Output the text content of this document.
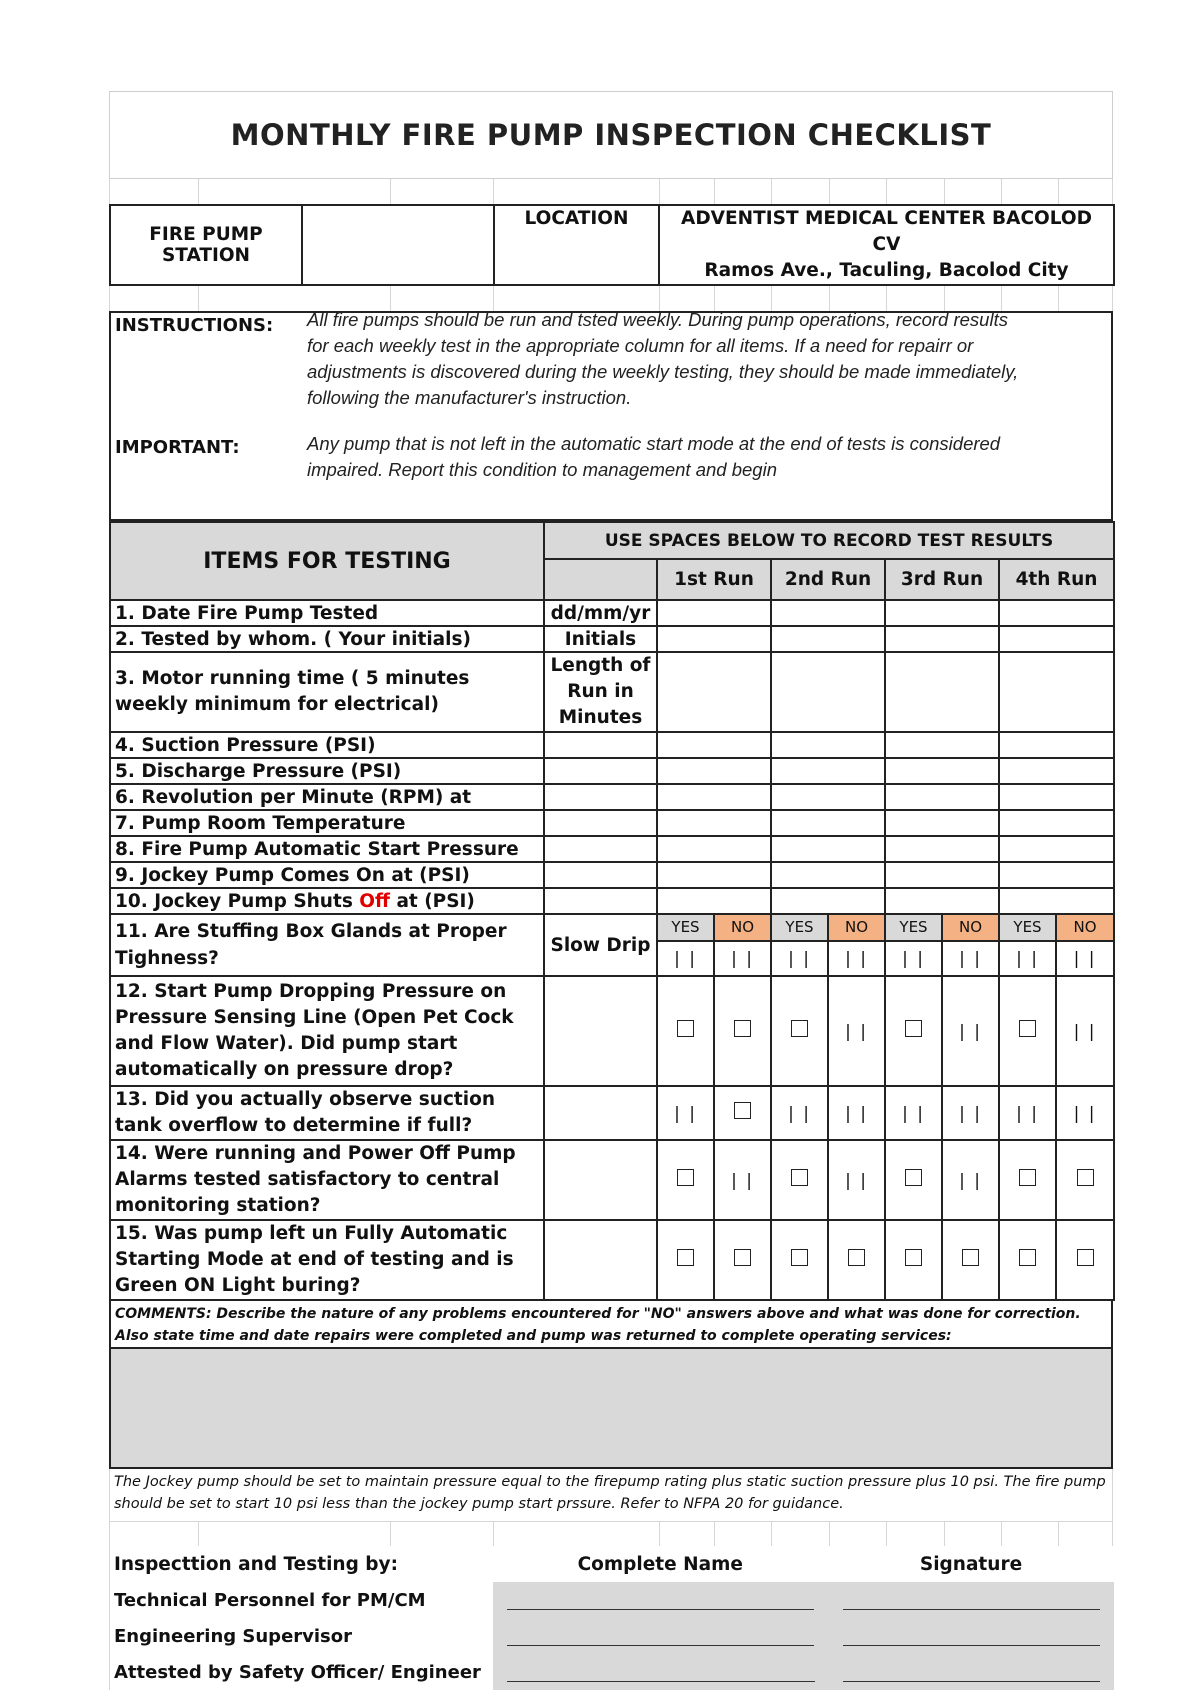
MONTHLY FIRE PUMP INSPECTION CHECKLIST
FIRE PUMP STATION		LOCATION	ADVENTIST MEDICAL CENTER BACOLOD CV
Ramos Ave., Taculing, Bacolod City
INSTRUCTIONS: All fire pumps should be run and tsted weekly. During pump operations, record results for each weekly test in the appropriate column for all items. If a need for repairr or adjustments is discovered during the weekly testing, they should be made immediately, following the manufacturer's instruction.
IMPORTANT:	Any pump that is not left in the automatic start mode at the end of tests is considered impaired. Report this condition to management and begin
ITEMS FOR TESTING	USE SPACES BELOW TO RECORD TEST RESULTS								
		1st Run		2nd Run		3rd Run		4th Run	
1. Date Fire Pump Tested	dd/mm/yr								
2. Tested by whom. ( Your initials)	Initials								
3. Motor running time ( 5 minutes weekly minimum for electrical)	Length of Run in Minutes								
4. Suction Pressure (PSI)									
5. Discharge Pressure (PSI)									
6. Revolution per Minute (RPM) at									
7. Pump Room Temperature									
8. Fire Pump Automatic Start Pressure									
9. Jockey Pump Comes On at (PSI)									
10. Jockey Pump Shuts Off at (PSI)									
11. Are Stuffing Box Glands at Proper Tighness?	Slow Drip	YES	NO	YES	NO	YES	NO	YES	NO
		| |	| |	| |	| |	| |	| |	| |	| |
12. Start Pump Dropping Pressure on Pressure Sensing Line (Open Pet Cock and Flow Water). Did pump start automatically on pressure drop?					| |		| |		| |
13. Did you actually observe suction tank overflow to determine if full?		| |		| |	| |	| |	| |	| |	| |
14. Were running and Power Off Pump Alarms tested satisfactory to central monitoring station?			| |		| |		| |		
15. Was pump left un Fully Automatic Starting Mode at end of testing and is Green ON Light buring?									
COMMENTS: Describe the nature of any problems encountered for "NO" answers above and what was done for correction. Also state time and date repairs were completed and pump was returned to complete operating services:
The Jockey pump should be set to maintain pressure equal to the firepump rating plus static suction pressure plus 10 psi. The fire pump should be set to start 10 psi less than the jockey pump start prssure. Refer to NFPA 20 for guidance.
Inspecttion and Testing by:	Complete Name	Signature
Technical Personnel for PM/CM	

Engineering Supervisor	

Attested by Safety Officer/ Engineer	
